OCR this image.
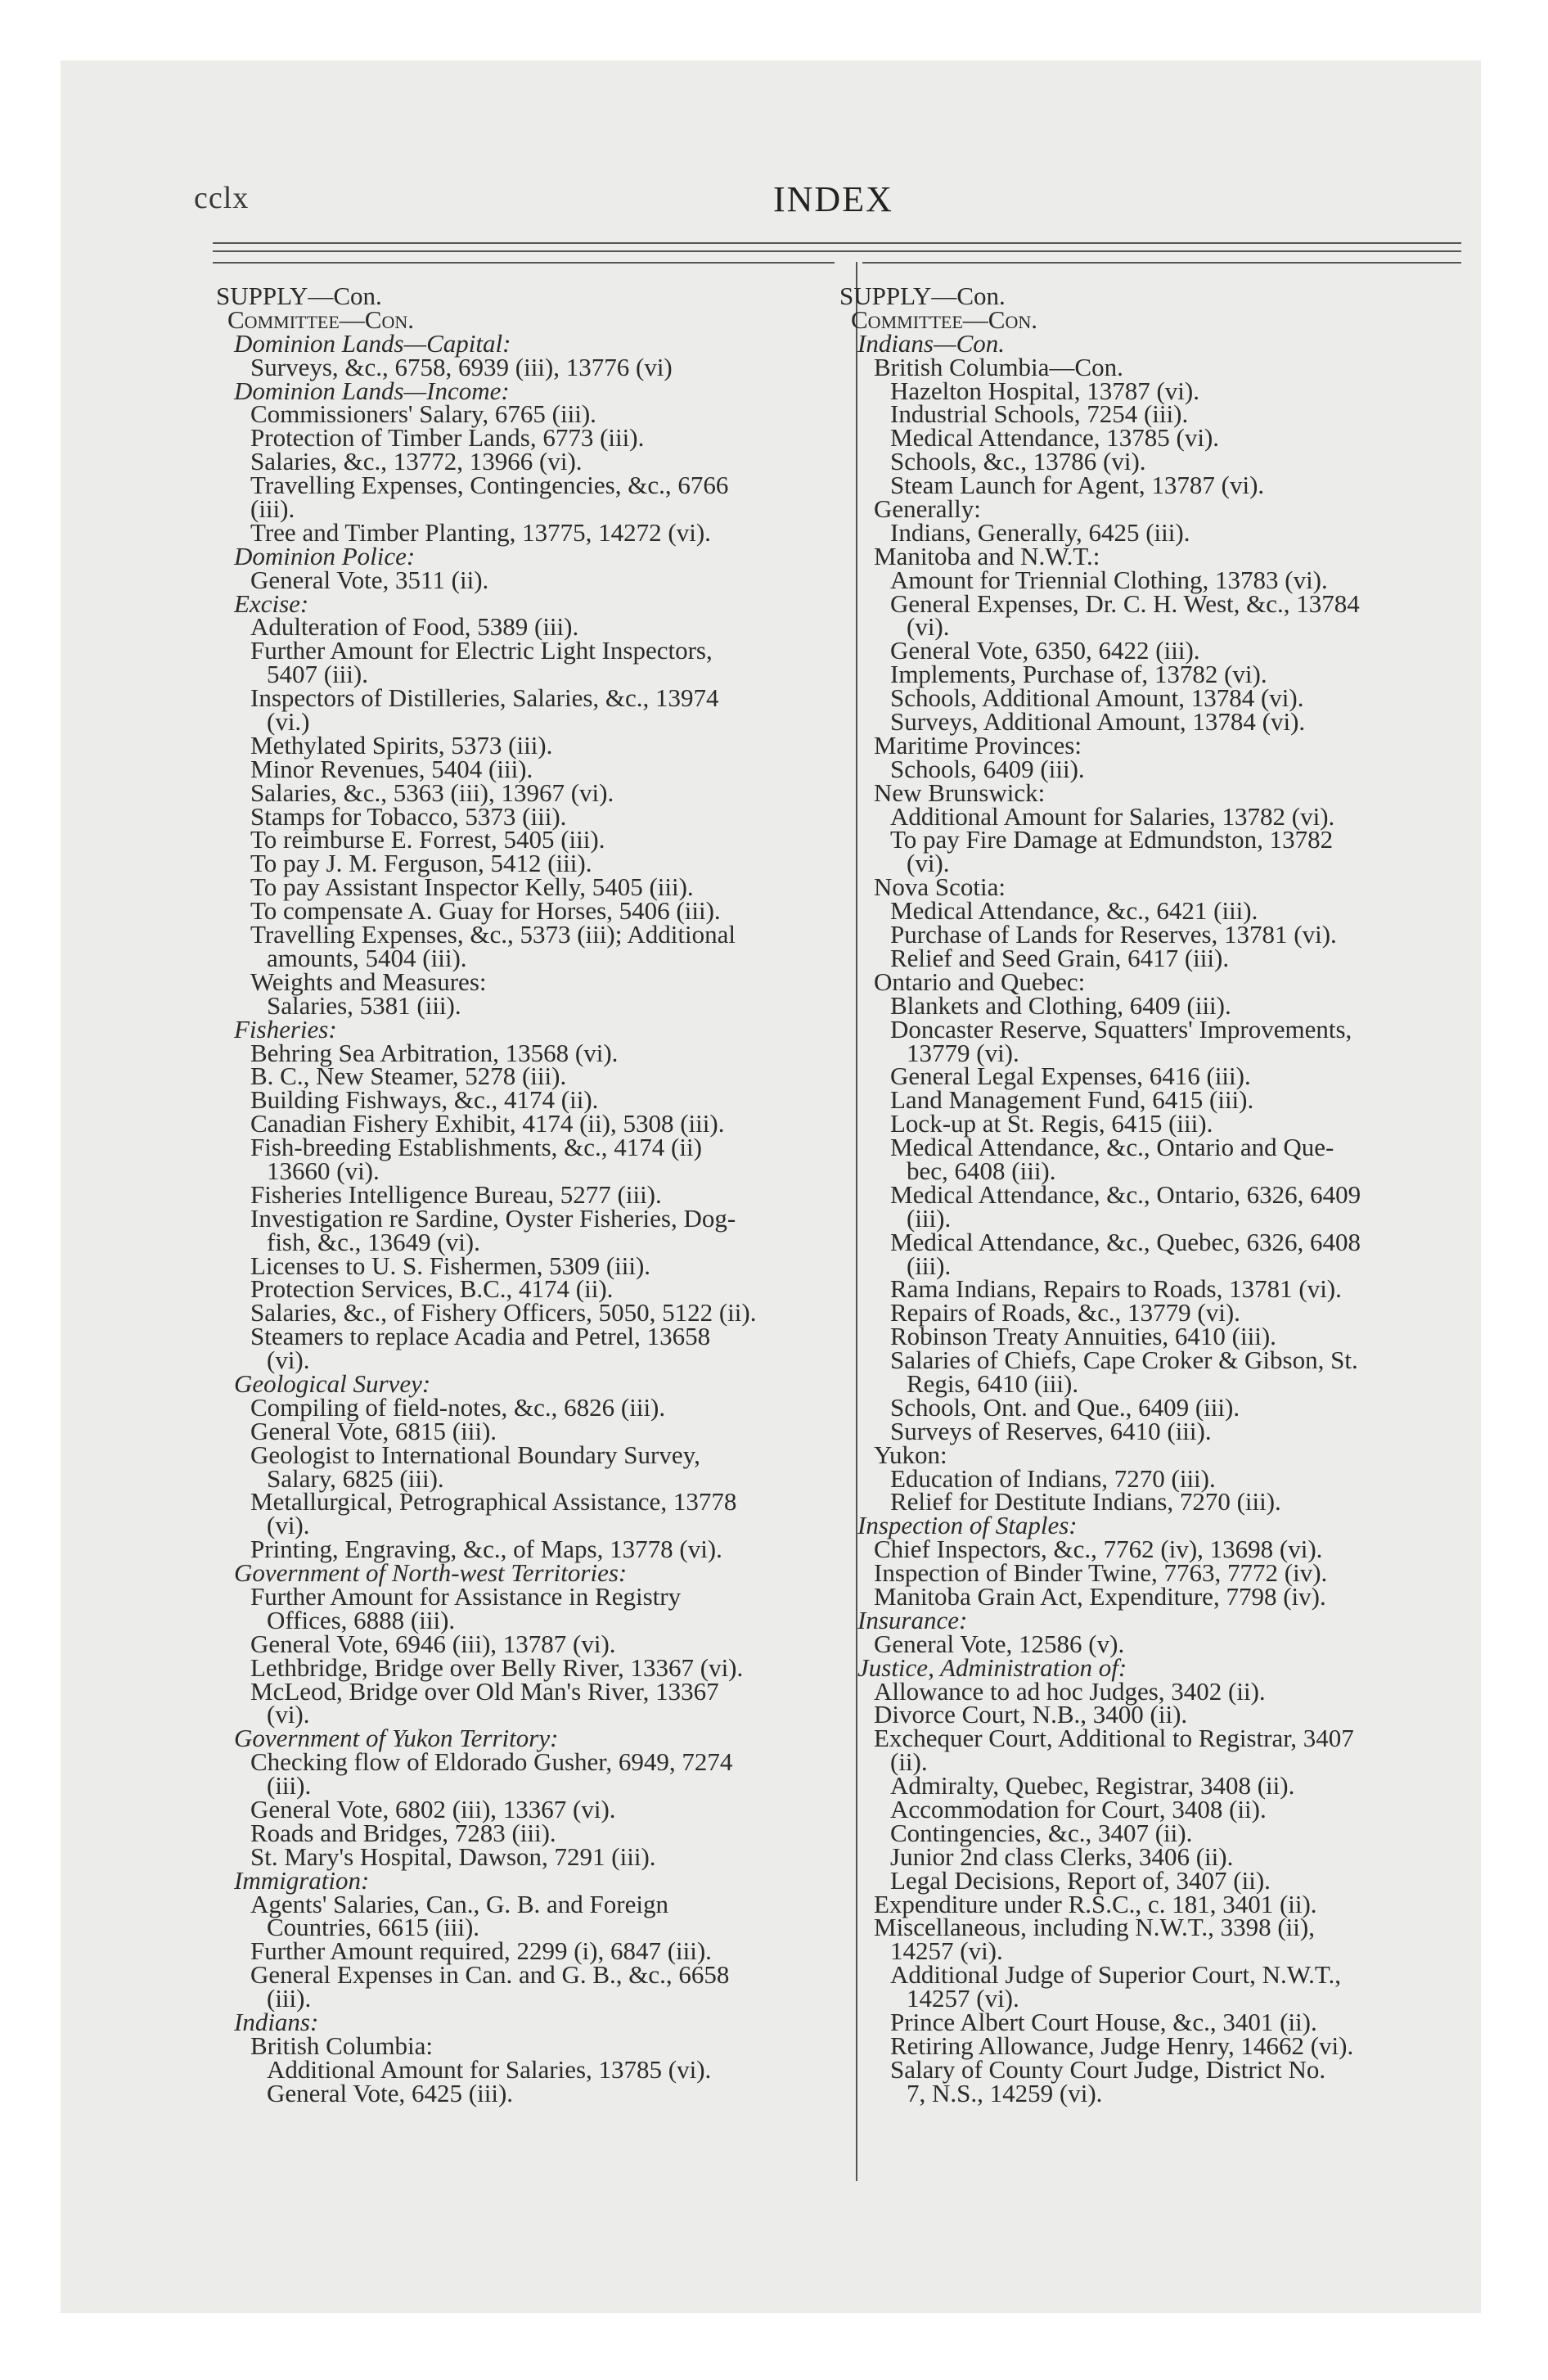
cclx	INDEX
SUPPLY—Con.
Committee—Con.
Dominion Lands—Capital:
Surveys, &c., 6758, 6939 (iii), 13776 (vi)
Dominion Lands—Income:
Commissioners' Salary, 6765 (iii).
Protection of Timber Lands, 6773 (iii).
Salaries, &c., 13772, 13966 (vi).
Travelling Expenses, Contingencies, &c., 6766
(iii).
Tree and Timber Planting, 13775, 14272 (vi).
Dominion Police:
General Vote, 3511 (ii).
Excise:
Adulteration of Food, 5389 (iii).
Further Amount for Electric Light Inspectors,
5407 (iii).
Inspectors of Distilleries, Salaries, &c., 13974
(vi.)
Methylated Spirits, 5373 (iii).
Minor Revenues, 5404 (iii).
Salaries, &c., 5363 (iii), 13967 (vi).
Stamps for Tobacco, 5373 (iii).
To reimburse E. Forrest, 5405 (iii).
To pay J. M. Ferguson, 5412 (iii).
To pay Assistant Inspector Kelly, 5405 (iii).
To compensate A. Guay for Horses, 5406 (iii).
Travelling Expenses, &c., 5373 (iii); Additional
amounts, 5404 (iii).
Weights and Measures:
Salaries, 5381 (iii).
Fisheries:
Behring Sea Arbitration, 13568 (vi).
B. C., New Steamer, 5278 (iii).
Building Fishways, &c., 4174 (ii).
Canadian Fishery Exhibit, 4174 (ii), 5308 (iii).
Fish-breeding Establishments, &c., 4174 (ii)
13660 (vi).
Fisheries Intelligence Bureau, 5277 (iii).
Investigation re Sardine, Oyster Fisheries, Dog-
fish, &c., 13649 (vi).
Licenses to U. S. Fishermen, 5309 (iii).
Protection Services, B.C., 4174 (ii).
Salaries, &c., of Fishery Officers, 5050, 5122 (ii).
Steamers to replace Acadia and Petrel, 13658
(vi).
Geological Survey:
Compiling of field-notes, &c., 6826 (iii).
General Vote, 6815 (iii).
Geologist to International Boundary Survey,
Salary, 6825 (iii).
Metallurgical, Petrographical Assistance, 13778
(vi).
Printing, Engraving, &c., of Maps, 13778 (vi).
Government of North-west Territories:
Further Amount for Assistance in Registry
Offices, 6888 (iii).
General Vote, 6946 (iii), 13787 (vi).
Lethbridge, Bridge over Belly River, 13367 (vi).
McLeod, Bridge over Old Man's River, 13367
(vi).
Government of Yukon Territory:
Checking flow of Eldorado Gusher, 6949, 7274
(iii).
General Vote, 6802 (iii), 13367 (vi).
Roads and Bridges, 7283 (iii).
St. Mary's Hospital, Dawson, 7291 (iii).
Immigration:
Agents' Salaries, Can., G. B. and Foreign
Countries, 6615 (iii).
Further Amount required, 2299 (i), 6847 (iii).
General Expenses in Can. and G. B., &c., 6658
(iii).
Indians:
British Columbia:
Additional Amount for Salaries, 13785 (vi).
General Vote, 6425 (iii).
SUPPLY—Con.
Committee—Con.
Indians—Con.
British Columbia—Con.
Hazelton Hospital, 13787 (vi).
Industrial Schools, 7254 (iii).
Medical Attendance, 13785 (vi).
Schools, &c., 13786 (vi).
Steam Launch for Agent, 13787 (vi).
Generally:
Indians, Generally, 6425 (iii).
Manitoba and N.W.T.:
Amount for Triennial Clothing, 13783 (vi).
General Expenses, Dr. C. H. West, &c., 13784
(vi).
General Vote, 6350, 6422 (iii).
Implements, Purchase of, 13782 (vi).
Schools, Additional Amount, 13784 (vi).
Surveys, Additional Amount, 13784 (vi).
Maritime Provinces:
Schools, 6409 (iii).
New Brunswick:
Additional Amount for Salaries, 13782 (vi).
To pay Fire Damage at Edmundston, 13782
(vi).
Nova Scotia:
Medical Attendance, &c., 6421 (iii).
Purchase of Lands for Reserves, 13781 (vi).
Relief and Seed Grain, 6417 (iii).
Ontario and Quebec:
Blankets and Clothing, 6409 (iii).
Doncaster Reserve, Squatters' Improvements,
13779 (vi).
General Legal Expenses, 6416 (iii).
Land Management Fund, 6415 (iii).
Lock-up at St. Regis, 6415 (iii).
Medical Attendance, &c., Ontario and Que-
bec, 6408 (iii).
Medical Attendance, &c., Ontario, 6326, 6409
(iii).
Medical Attendance, &c., Quebec, 6326, 6408
(iii).
Rama Indians, Repairs to Roads, 13781 (vi).
Repairs of Roads, &c., 13779 (vi).
Robinson Treaty Annuities, 6410 (iii).
Salaries of Chiefs, Cape Croker & Gibson, St.
Regis, 6410 (iii).
Schools, Ont. and Que., 6409 (iii).
Surveys of Reserves, 6410 (iii).
Yukon:
Education of Indians, 7270 (iii).
Relief for Destitute Indians, 7270 (iii).
Inspection of Staples:
Chief Inspectors, &c., 7762 (iv), 13698 (vi).
Inspection of Binder Twine, 7763, 7772 (iv).
Manitoba Grain Act, Expenditure, 7798 (iv).
Insurance:
General Vote, 12586 (v).
Justice, Administration of:
Allowance to ad hoc Judges, 3402 (ii).
Divorce Court, N.B., 3400 (ii).
Exchequer Court, Additional to Registrar, 3407
(ii).
Admiralty, Quebec, Registrar, 3408 (ii).
Accommodation for Court, 3408 (ii).
Contingencies, &c., 3407 (ii).
Junior 2nd class Clerks, 3406 (ii).
Legal Decisions, Report of, 3407 (ii).
Expenditure under R.S.C., c. 181, 3401 (ii).
Miscellaneous, including N.W.T., 3398 (ii),
14257 (vi).
Additional Judge of Superior Court, N.W.T.,
14257 (vi).
Prince Albert Court House, &c., 3401 (ii).
Retiring Allowance, Judge Henry, 14662 (vi).
Salary of County Court Judge, District No.
7, N.S., 14259 (vi).
